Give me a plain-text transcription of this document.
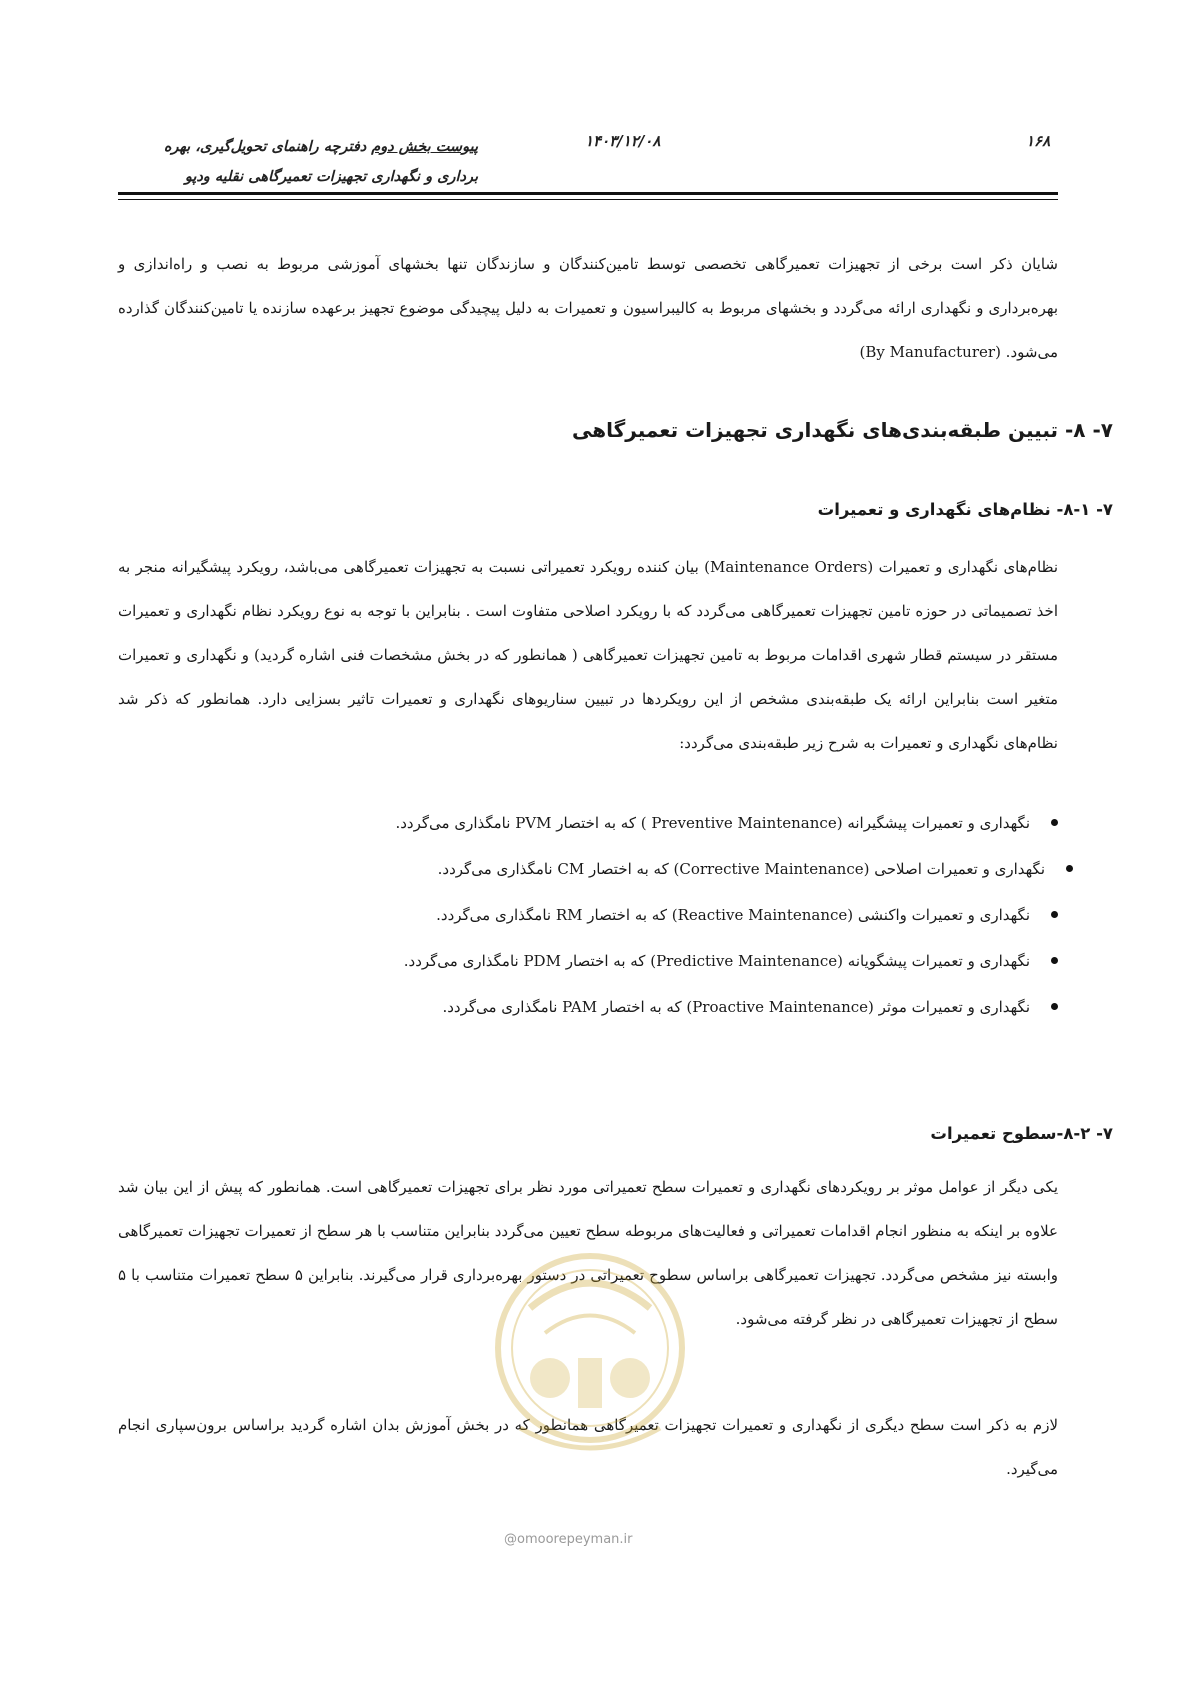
پیوست بخش دوم دفترچه راهنمای تحویل‌گیری، بهره
برداری و نگهداری تجهیزات تعمیرگاهی نقلیه ودپو
۱۴۰۳/۱۲/۰۸	۱۶۸

شایان ذکر است برخی از تجهیزات تعمیرگاهی تخصصی توسط تامین‌کنندگان و سازندگان تنها بخشهای آموزشی مربوط به نصب و راه‌اندازی و بهره‌برداری و نگهداری ارائه می‌گردد و بخشهای مربوط به کالیبراسیون و تعمیرات به دلیل پیچیدگی موضوع تجهیز برعهده سازنده یا تامین‌کنندگان گذارده می‌شود. (By Manufacturer)

۷- ۸- تبیین طبقه‌بندی‌های نگهداری تجهیزات تعمیرگاهی
۷- ۸-۱- نظام‌های نگهداری و تعمیرات

نظام‌های نگهداری و تعمیرات (Maintenance Orders) بیان کننده رویکرد تعمیراتی نسبت به تجهیزات تعمیرگاهی می‌باشد، رویکرد پیشگیرانه منجر به اخذ تصمیماتی در حوزه تامین تجهیزات تعمیرگاهی می‌گردد که با رویکرد اصلاحی متفاوت است . بنابراین با توجه به نوع رویکرد نظام نگهداری و تعمیرات مستقر در سیستم قطار شهری اقدامات مربوط به تامین تجهیزات تعمیرگاهی ( همانطور که در بخش مشخصات فنی اشاره گردید) و نگهداری و تعمیرات متغیر است بنابراین ارائه یک طبقه‌بندی مشخص از این رویکردها در تبیین سناریوهای نگهداری و تعمیرات تاثیر بسزایی دارد. همانطور که ذکر شد نظام‌های نگهداری و تعمیرات به شرح زیر طبقه‌بندی می‌گردد:

نگهداری و تعمیرات پیشگیرانه (Preventive Maintenance ) که به اختصار PVM نامگذاری می‌گردد.
نگهداری و تعمیرات اصلاحی (Corrective Maintenance) که به اختصار CM نامگذاری می‌گردد.
نگهداری و تعمیرات واکنشی (Reactive Maintenance) که به اختصار RM نامگذاری می‌گردد.
نگهداری و تعمیرات پیشگویانه (Predictive Maintenance) که به اختصار PDM نامگذاری می‌گردد.
نگهداری و تعمیرات موثر (Proactive Maintenance) که به اختصار PAM نامگذاری می‌گردد.
۷- ۸-۲-سطوح تعمیرات

یکی دیگر از عوامل موثر بر رویکردهای نگهداری و تعمیرات سطح تعمیراتی مورد نظر برای تجهیزات تعمیرگاهی است. همانطور که پیش از این بیان شد علاوه بر اینکه به منظور انجام اقدامات تعمیراتی و فعالیت‌های مربوطه سطح تعیین می‌گردد بنابراین متناسب با هر سطح از تعمیرات تجهیزات تعمیرگاهی وابسته نیز مشخص می‌گردد. تجهیزات تعمیرگاهی براساس سطوح تعمیراتی در دستور بهره‌برداری قرار می‌گیرند. بنابراین ۵ سطح تعمیرات متناسب با ۵ سطح از تجهیزات تعمیرگاهی در نظر گرفته می‌شود.

لازم به ذکر است سطح دیگری از نگهداری و تعمیرات تجهیزات تعمیرگاهی همانطور که در بخش آموزش بدان اشاره گردید براساس برون‌سپاری انجام می‌گیرد.

@omoorepeyman.ir
